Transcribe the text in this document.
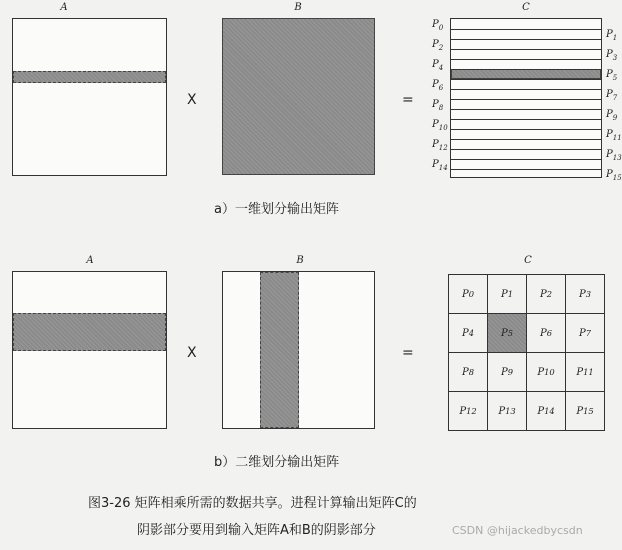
A
X
B
=
C
$P_0$
$P_2$
$P_4$
$P_6$
$P_8$
$P_{10}$
$P_{12}$
$P_{14}$
$P_1$
$P_3$
$P_5$
$P_7$
$P_9$
$P_{11}$
$P_{13}$
$P_{15}$
a）一维划分输出矩阵
A
X
B
=
C
P 0	P 1	P 2	P 3
P 4	P 5	P 6	P 7
P 8	P 9	P 10	P 11
P 12	P 13	P 14	P 15
b）二维划分输出矩阵
图3-26 矩阵相乘所需的数据共享。进程计算输出矩阵C的
阴影部分要用到输入矩阵A和B的阴影部分	CSDN @hijackedbycsdn
